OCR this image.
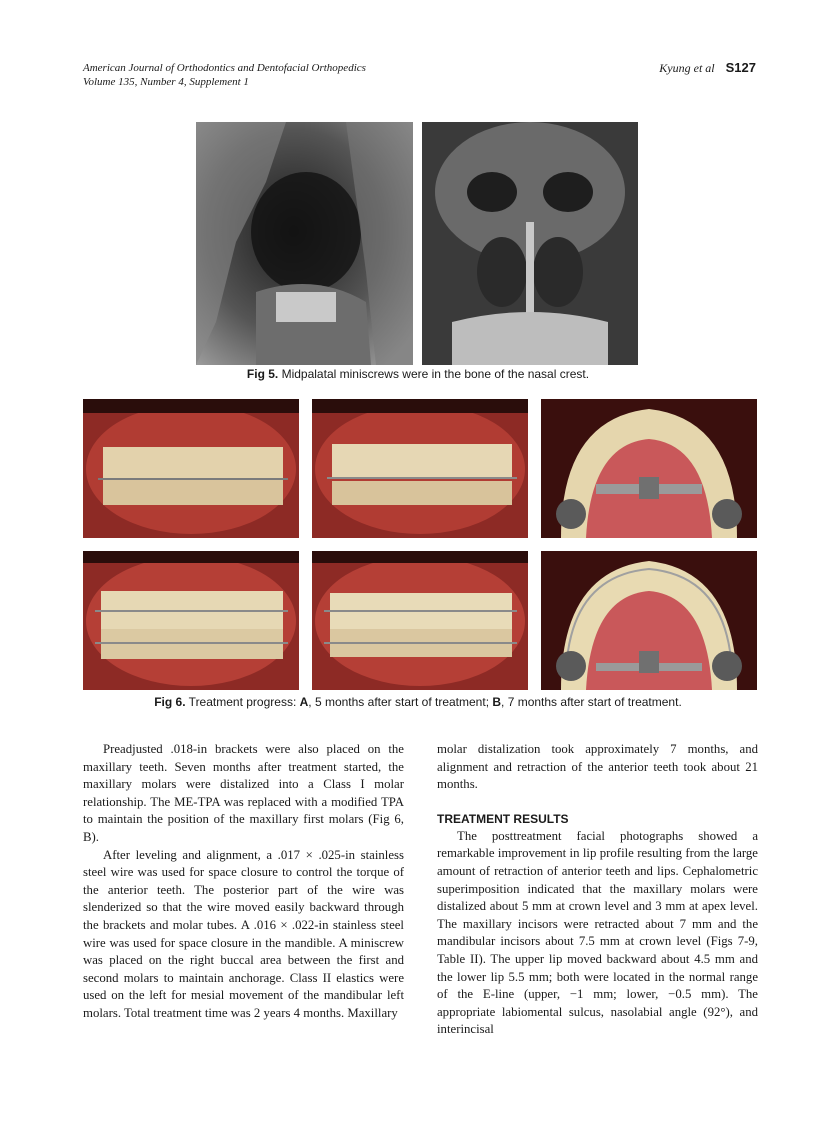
American Journal of Orthodontics and Dentofacial Orthopedics
Volume 135, Number 4, Supplement 1
Kyung et al S127
Fig 5. Midpalatal miniscrews were in the bone of the nasal crest.
Fig 6. Treatment progress: A, 5 months after start of treatment; B, 7 months after start of treatment.

Preadjusted .018-in brackets were also placed on the maxillary teeth. Seven months after treatment started, the maxillary molars were distalized into a Class I molar relationship. The ME-TPA was replaced with a modified TPA to maintain the position of the maxillary first molars (Fig 6, B).

After leveling and alignment, a .017 × .025-in stainless steel wire was used for space closure to control the torque of the anterior teeth. The posterior part of the wire was slenderized so that the wire moved easily backward through the brackets and molar tubes. A .016 × .022-in stainless steel wire was used for space closure in the mandible. A miniscrew was placed on the right buccal area between the first and second molars to maintain anchorage. Class II elastics were used on the left for mesial movement of the mandibular left molars. Total treatment time was 2 years 4 months. Maxillary

molar distalization took approximately 7 months, and alignment and retraction of the anterior teeth took about 21 months.

TREATMENT RESULTS

The posttreatment facial photographs showed a remarkable improvement in lip profile resulting from the large amount of retraction of anterior teeth and lips. Cephalometric superimposition indicated that the maxillary molars were distalized about 5 mm at crown level and 3 mm at apex level. The maxillary incisors were retracted about 7 mm and the mandibular incisors about 7.5 mm at crown level (Figs 7-9, Table II). The upper lip moved backward about 4.5 mm and the lower lip 5.5 mm; both were located in the normal range of the E-line (upper, −1 mm; lower, −0.5 mm). The appropriate labiomental sulcus, nasolabial angle (92°), and interincisal
